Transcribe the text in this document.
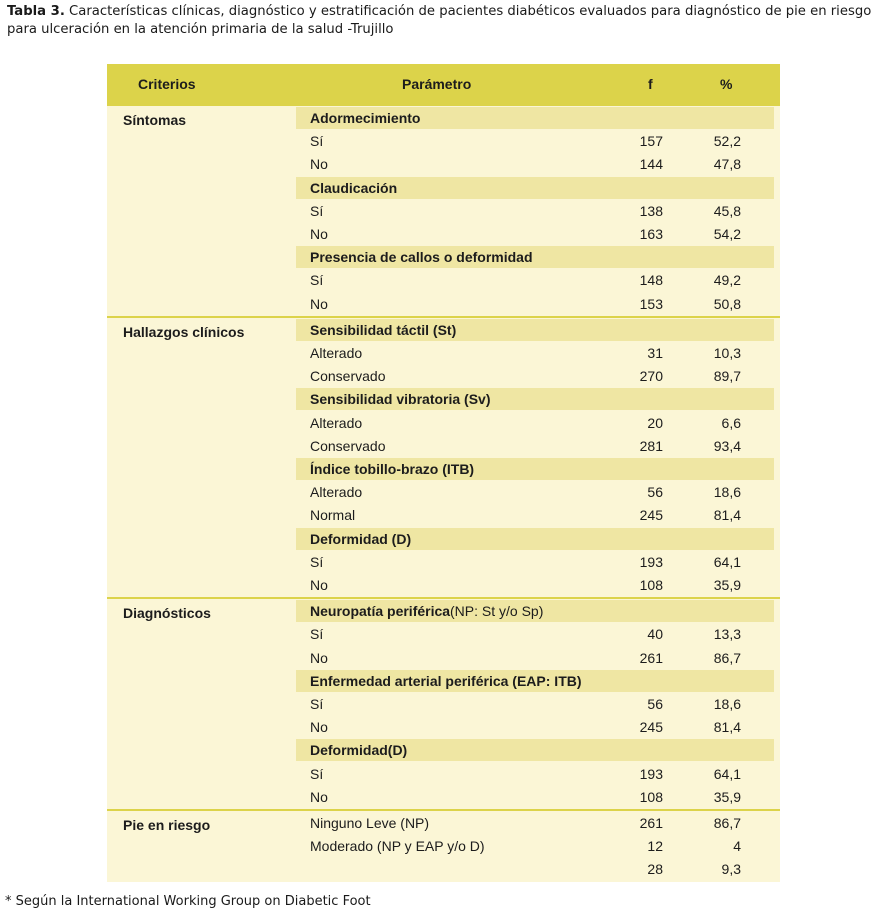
Tabla 3. Características clínicas, diagnóstico y estratificación de pacientes diabéticos evaluados para diagnóstico de pie en riesgo para ulceración en la atención primaria de la salud -Trujillo
Criterios	Parámetro	f	%
Síntomas	Adormecimiento
Sí	157	52,2
No	144	47,8
Claudicación
Sí	138	45,8
No	163	54,2
Presencia de callos o deformidad
Sí	148	49,2
No	153	50,8
Hallazgos clínicos	Sensibilidad táctil (St)
Alterado	31	10,3
Conservado	270	89,7
Sensibilidad vibratoria (Sv)
Alterado	20	6,6
Conservado	281	93,4
Índice tobillo-brazo (ITB)
Alterado	56	18,6
Normal	245	81,4
Deformidad (D)
Sí	193	64,1
No	108	35,9
Diagnósticos	Neuropatía periférica (NP: St y/o Sp)
Sí	40	13,3
No	261	86,7
Enfermedad arterial periférica (EAP: ITB)
Sí	56	18,6
No	245	81,4
Deformidad(D)
Sí	193	64,1
No	108	35,9
Pie en riesgo	Ninguno Leve (NP)	261	86,7
Moderado (NP y EAP y/o D)	12	4
28	9,3
* Según la International Working Group on Diabetic Foot
